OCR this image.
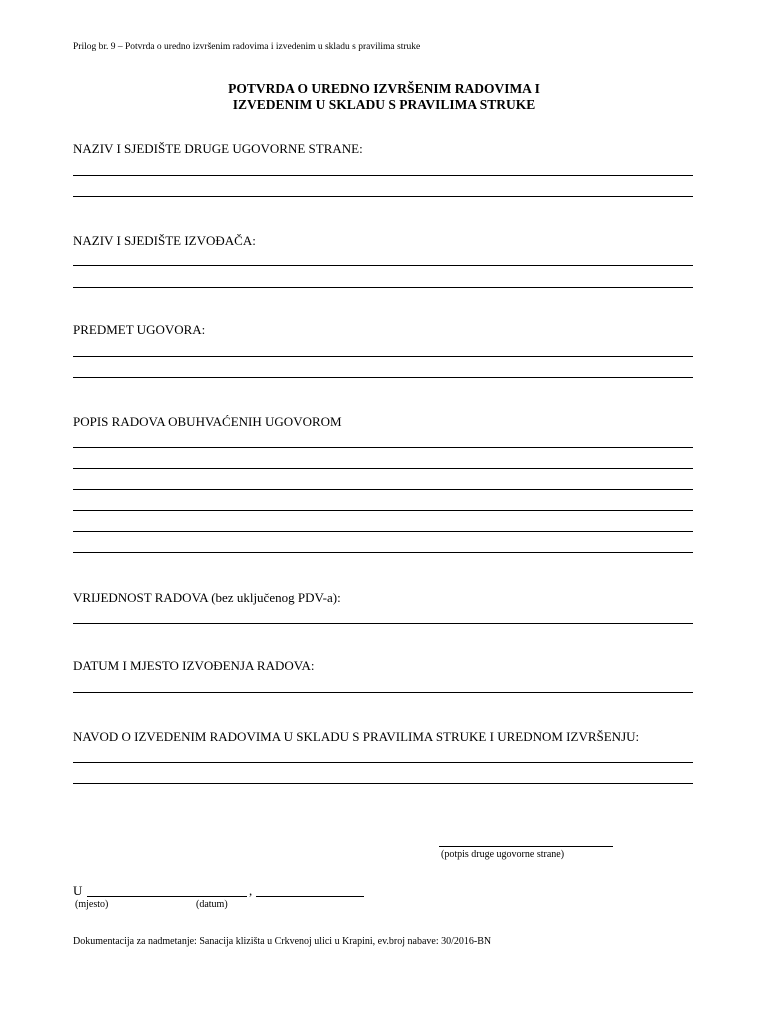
Prilog br. 9 – Potvrda o uredno izvršenim radovima i izvedenim u skladu s pravilima struke
POTVRDA O UREDNO IZVRŠENIM RADOVIMA I
IZVEDENIM U SKLADU S PRAVILIMA STRUKE
NAZIV I SJEDIŠTE DRUGE UGOVORNE STRANE:
NAZIV I SJEDIŠTE IZVOĐAČA:
PREDMET UGOVORA:
POPIS RADOVA OBUHVAĆENIH UGOVOROM
VRIJEDNOST RADOVA (bez uključenog PDV-a):
DATUM I MJESTO IZVOĐENJA RADOVA:
NAVOD O IZVEDENIM RADOVIMA U SKLADU S PRAVILIMA STRUKE I UREDNOM IZVRŠENJU:
(potpis druge ugovorne strane)
U	,
(mjesto)	(datum)
Dokumentacija za nadmetanje: Sanacija klizišta u Crkvenoj ulici u Krapini, ev.broj nabave: 30/2016-BN
